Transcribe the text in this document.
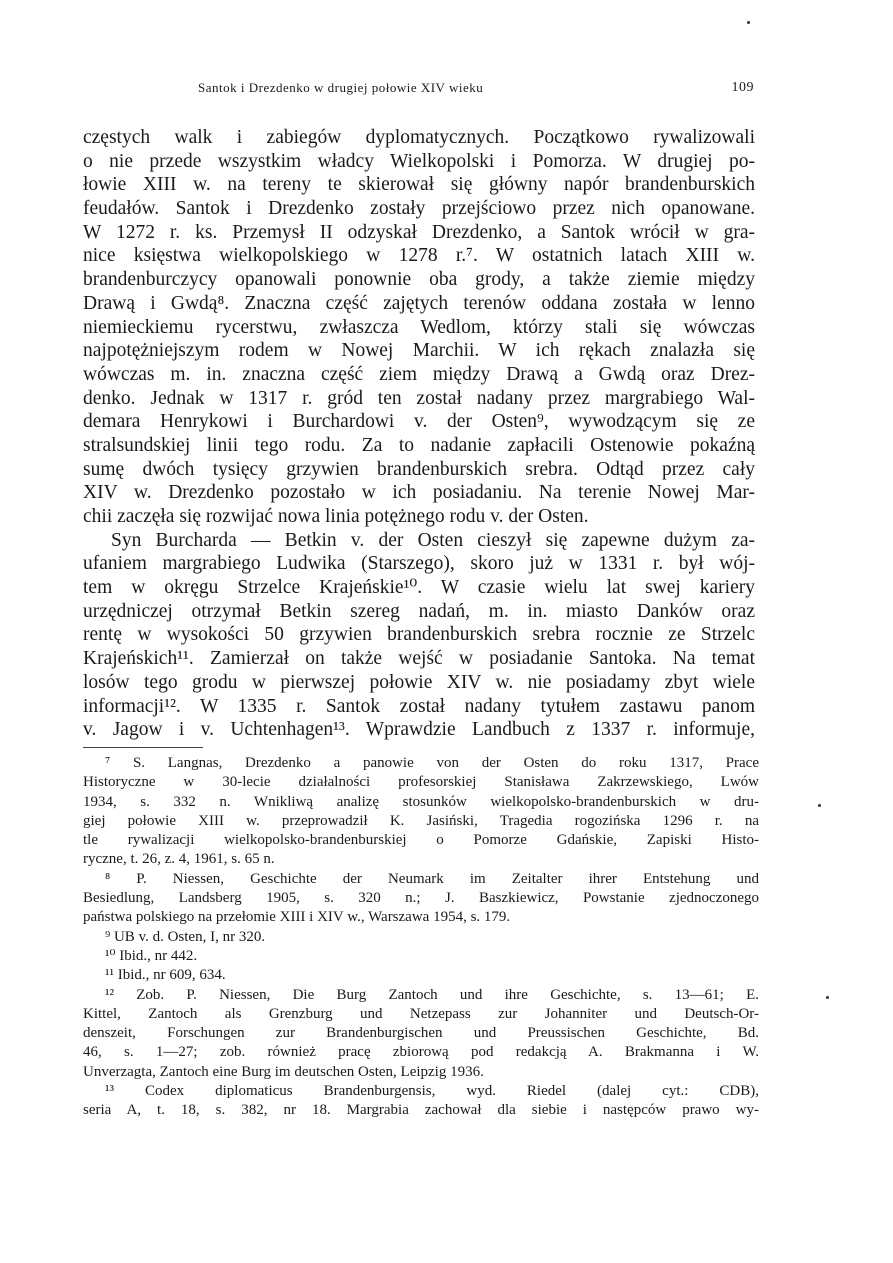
Santok i Drezdenko w drugiej połowie XIV wieku	109
częstych walk i zabiegów dyplomatycznych. Początkowo rywalizowali
o nie przede wszystkim władcy Wielkopolski i Pomorza. W drugiej po-
łowie XIII w. na tereny te skierował się główny napór brandenburskich
feudałów. Santok i Drezdenko zostały przejściowo przez nich opanowane.
W 1272 r. ks. Przemysł II odzyskał Drezdenko, a Santok wrócił w gra-
nice księstwa wielkopolskiego w 1278 r.⁷. W ostatnich latach XIII w.
brandenburczycy opanowali ponownie oba grody, a także ziemie między
Drawą i Gwdą⁸. Znaczna część zajętych terenów oddana została w lenno
niemieckiemu rycerstwu, zwłaszcza Wedlom, którzy stali się wówczas
najpotężniejszym rodem w Nowej Marchii. W ich rękach znalazła się
wówczas m. in. znaczna część ziem między Drawą a Gwdą oraz Drez-
denko. Jednak w 1317 r. gród ten został nadany przez margrabiego Wal-
demara Henrykowi i Burchardowi v. der Osten⁹, wywodzącym się ze
stralsundskiej linii tego rodu. Za to nadanie zapłacili Ostenowie pokaźną
sumę dwóch tysięcy grzywien brandenburskich srebra. Odtąd przez cały
XIV w. Drezdenko pozostało w ich posiadaniu. Na terenie Nowej Mar-
chii zaczęła się rozwijać nowa linia potężnego rodu v. der Osten.
Syn Burcharda — Betkin v. der Osten cieszył się zapewne dużym za-
ufaniem margrabiego Ludwika (Starszego), skoro już w 1331 r. był wój-
tem w okręgu Strzelce Krajeńskie¹⁰. W czasie wielu lat swej kariery
urzędniczej otrzymał Betkin szereg nadań, m. in. miasto Danków oraz
rentę w wysokości 50 grzywien brandenburskich srebra rocznie ze Strzelc
Krajeńskich¹¹. Zamierzał on także wejść w posiadanie Santoka. Na temat
losów tego grodu w pierwszej połowie XIV w. nie posiadamy zbyt wiele
informacji¹². W 1335 r. Santok został nadany tytułem zastawu panom
v. Jagow i v. Uchtenhagen¹³. Wprawdzie Landbuch z 1337 r. informuje,
⁷ S. Langnas, Drezdenko a panowie von der Osten do roku 1317, Prace
Historyczne w 30-lecie działalności profesorskiej Stanisława Zakrzewskiego, Lwów
1934, s. 332 n. Wnikliwą analizę stosunków wielkopolsko-brandenburskich w dru-
giej połowie XIII w. przeprowadził K. Jasiński, Tragedia rogozińska 1296 r. na
tle rywalizacji wielkopolsko-brandenburskiej o Pomorze Gdańskie, Zapiski Histo-
ryczne, t. 26, z. 4, 1961, s. 65 n.
⁸ P. Niessen, Geschichte der Neumark im Zeitalter ihrer Entstehung und
Besiedlung, Landsberg 1905, s. 320 n.; J. Baszkiewicz, Powstanie zjednoczonego
państwa polskiego na przełomie XIII i XIV w., Warszawa 1954, s. 179.
⁹ UB v. d. Osten, I, nr 320.
¹⁰ Ibid., nr 442.
¹¹ Ibid., nr 609, 634.
¹² Zob. P. Niessen, Die Burg Zantoch und ihre Geschichte, s. 13—61; E.
Kittel, Zantoch als Grenzburg und Netzepass zur Johanniter und Deutsch-Or-
denszeit, Forschungen zur Brandenburgischen und Preussischen Geschichte, Bd.
46, s. 1—27; zob. również pracę zbiorową pod redakcją A. Brakmanna i W.
Unverzagta, Zantoch eine Burg im deutschen Osten, Leipzig 1936.
¹³ Codex diplomaticus Brandenburgensis, wyd. Riedel (dalej cyt.: CDB),
seria A, t. 18, s. 382, nr 18. Margrabia zachował dla siebie i następców prawo wy-
